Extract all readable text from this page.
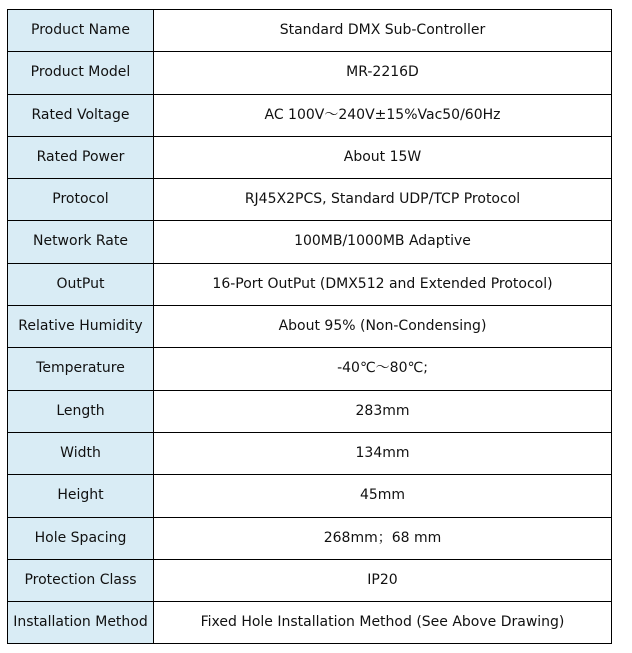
Product Name	Standard DMX Sub-Controller
Product Model	MR-2216D
Rated Voltage	AC 100V～240V±15%Vac50/60Hz
Rated Power	About 15W
Protocol	RJ45X2PCS, Standard UDP/TCP Protocol
Network Rate	100MB/1000MB Adaptive
OutPut	16-Port OutPut (DMX512 and Extended Protocol)
Relative Humidity	About 95% (Non-Condensing)
Temperature	-40℃～80℃;
Length	283mm
Width	134mm
Height	45mm
Hole Spacing	268mm；68 mm
Protection Class	IP20
Installation Method	Fixed Hole Installation Method (See Above Drawing)
